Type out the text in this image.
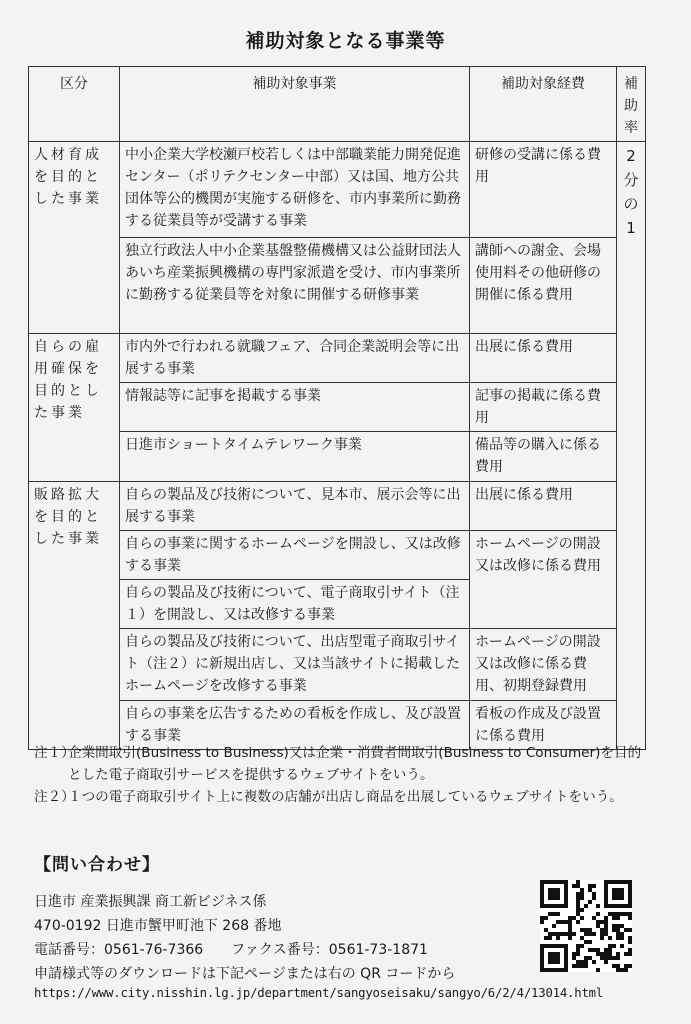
補助対象となる事業等
区分	補助対象事業	補助対象経費	補助率
人材育成を目的とした事業	中小企業大学校瀬戸校若しくは中部職業能力開発促進センター（ポリテクセンター中部）又は国、地方公共団体等公的機関が実施する研修を、市内事業所に勤務する従業員等が受講する事業	研修の受講に係る費用	2分の1
	独立行政法人中小企業基盤整備機構又は公益財団法人あいち産業振興機構の専門家派遣を受け、市内事業所に勤務する従業員等を対象に開催する研修事業	講師への謝金、会場使用料その他研修の開催に係る費用	
自らの雇用確保を目的とした事業	市内外で行われる就職フェア、合同企業説明会等に出展する事業	出展に係る費用	
	情報誌等に記事を掲載する事業	記事の掲載に係る費用	
	日進市ショートタイムテレワーク事業	備品等の購入に係る費用	
販路拡大を目的とした事業	自らの製品及び技術について、見本市、展示会等に出展する事業	出展に係る費用	
	自らの事業に関するホームページを開設し、又は改修する事業	ホームページの開設又は改修に係る費用	
	自らの製品及び技術について、電子商取引サイト（注１）を開設し、又は改修する事業		
	自らの製品及び技術について、出店型電子商取引サイト（注２）に新規出店し、又は当該サイトに掲載したホームページを改修する事業	ホームページの開設又は改修に係る費用、初期登録費用	
	自らの事業を広告するための看板を作成し、及び設置する事業	看板の作成及び設置に係る費用	
注１）
企業間取引(Business to Business)又は企業・消費者間取引(Business to Consumer)を目的とした電子商取引サービスを提供するウェブサイトをいう。
注２）
１つの電子商取引サイト上に複数の店舗が出店し商品を出展しているウェブサイトをいう。
【問い合わせ】
日進市 産業振興課 商工新ビジネス係
470-0192 日進市蟹甲町池下 268 番地
電話番号：0561-76-7366　　ファクス番号：0561-73-1871
申請様式等のダウンロードは下記ページまたは右の QR コードから
https://www.city.nisshin.lg.jp/department/sangyoseisaku/sangyo/6/2/4/13014.html
